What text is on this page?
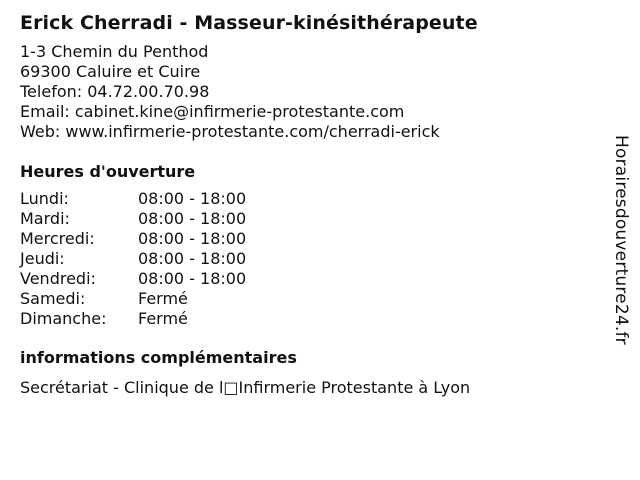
Erick Cherradi - Masseur-kinésithérapeute
1-3 Chemin du Penthod
69300 Caluire et Cuire
Telefon: 04.72.00.70.98
Email: cabinet.kine@infirmerie-protestante.com
Web: www.infirmerie-protestante.com/cherradi-erick
Heures d'ouverture
Lundi:	08:00 - 18:00
Mardi:	08:00 - 18:00
Mercredi:	08:00 - 18:00
Jeudi:	08:00 - 18:00
Vendredi:	08:00 - 18:00
Samedi:	Fermé
Dimanche:	Fermé
informations complémentaires
Secrétariat - Clinique de l□Infirmerie Protestante à Lyon
Horairesdouverture24.fr
